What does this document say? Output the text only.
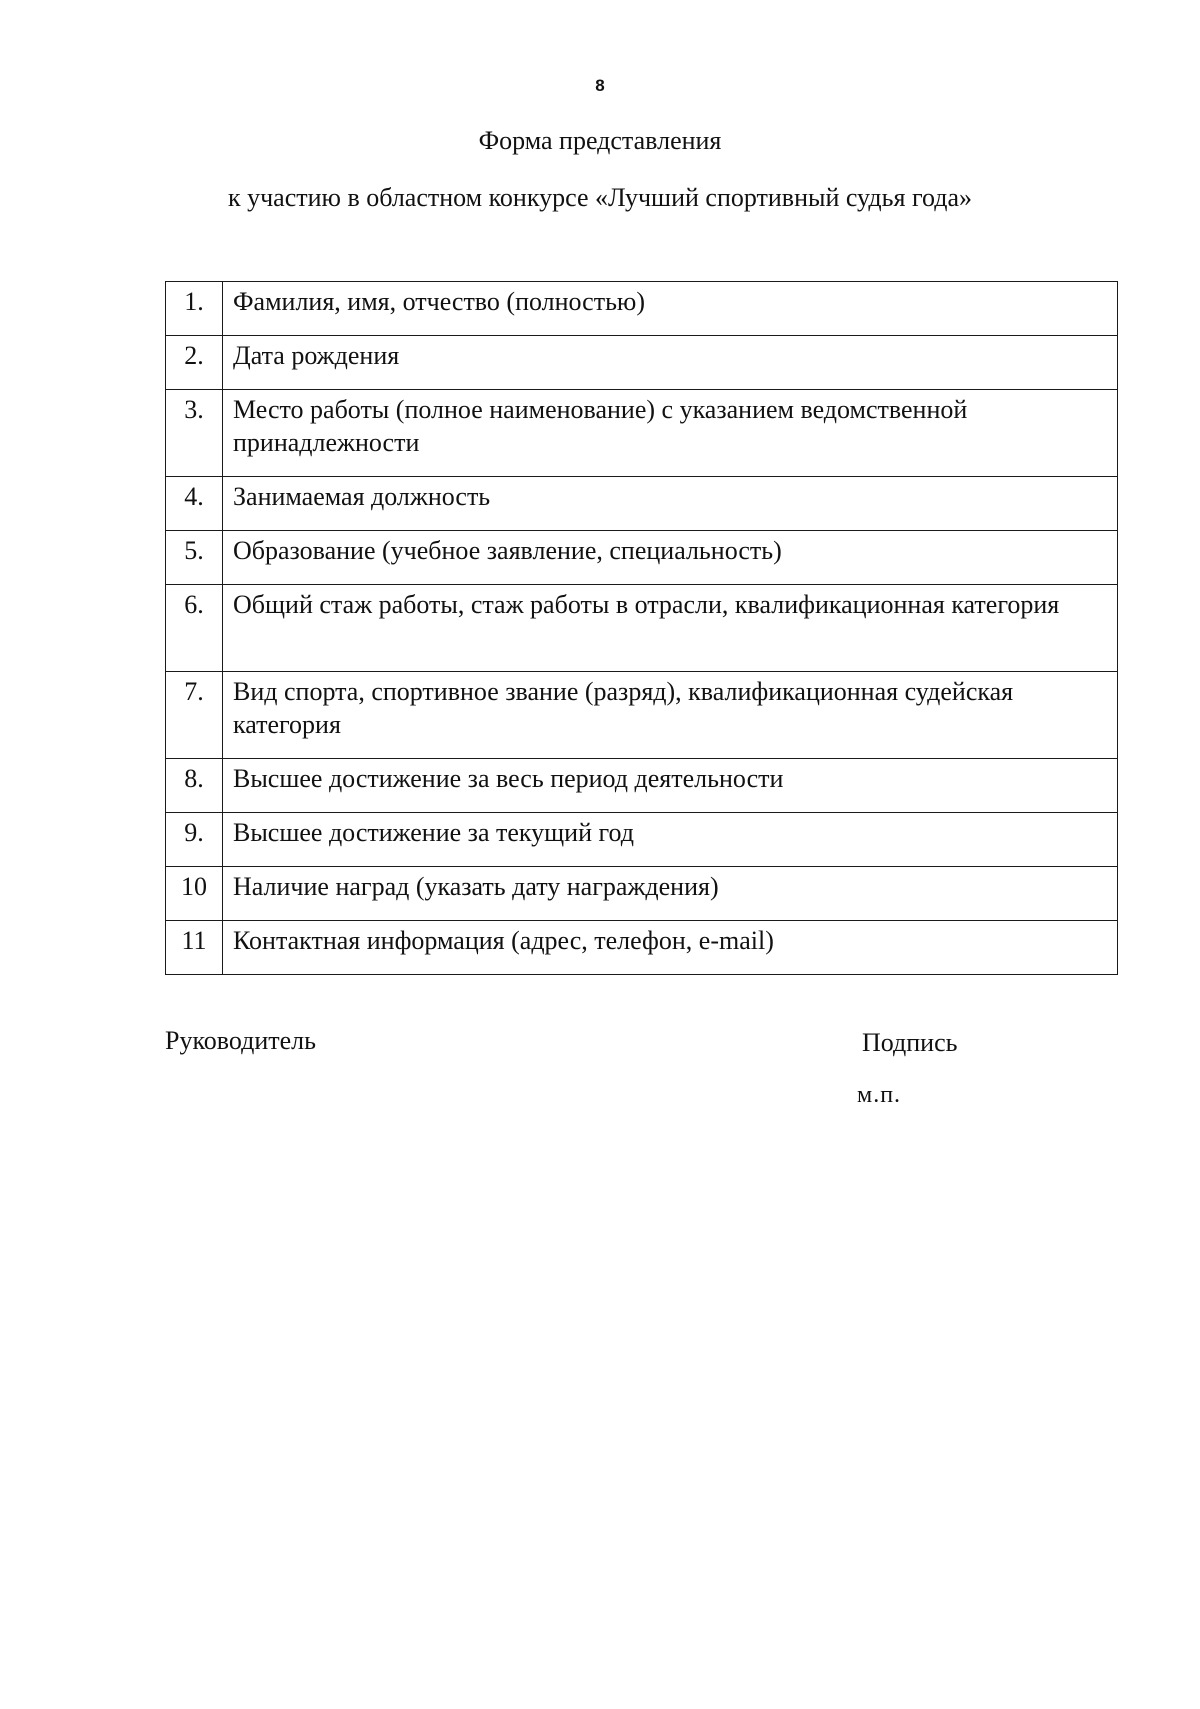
8
Форма представления
к участию в областном конкурсе «Лучший спортивный судья года»
1.	Фамилия, имя, отчество (полностью)
2.	Дата рождения
3.	Место работы (полное наименование) с указанием ведомственной принадлежности
4.	Занимаемая должность
5.	Образование (учебное заявление, специальность)
6.	Общий стаж работы, стаж работы в отрасли, квалификационная категория
7.	Вид спорта, спортивное звание (разряд), квалификационная судейская категория
8.	Высшее достижение за весь период деятельности
9.	Высшее достижение за текущий год
10	Наличие наград (указать дату награждения)
11	Контактная информация (адрес, телефон, e-mail)
Руководитель	Подпись
м.п.
